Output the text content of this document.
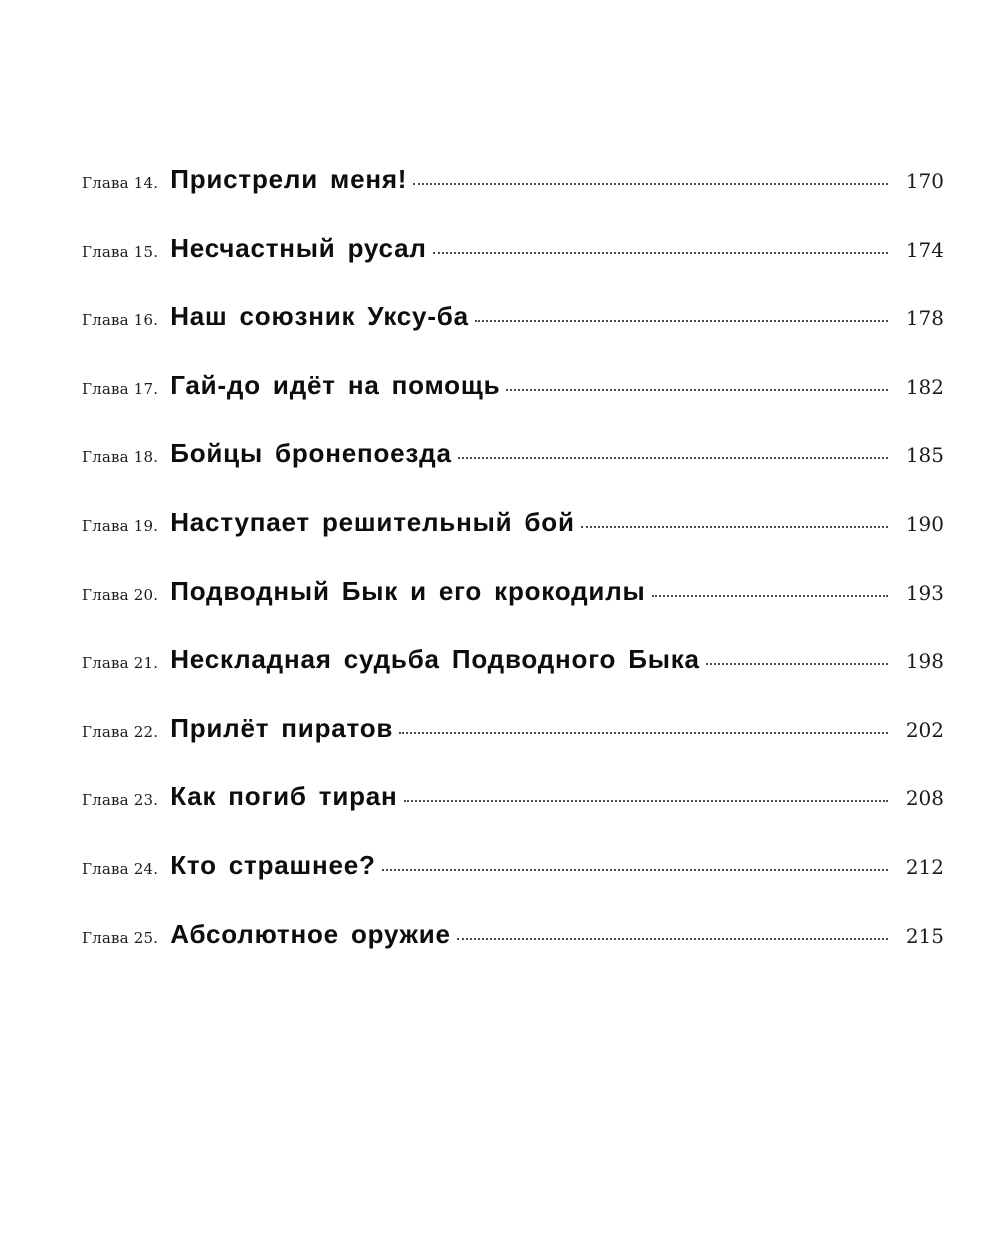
Глава 14. Пристрели меня!	170
Глава 15. Несчастный русал	174
Глава 16. Наш союзник Уксу-ба	178
Глава 17. Гай-до идёт на помощь	182
Глава 18. Бойцы бронепоезда	185
Глава 19. Наступает решительный бой	190
Глава 20. Подводный Бык и его крокодилы	193
Глава 21. Нескладная судьба Подводного Быка	198
Глава 22. Прилёт пиратов	202
Глава 23. Как погиб тиран	208
Глава 24. Кто страшнее?	212
Глава 25. Абсолютное оружие	215
